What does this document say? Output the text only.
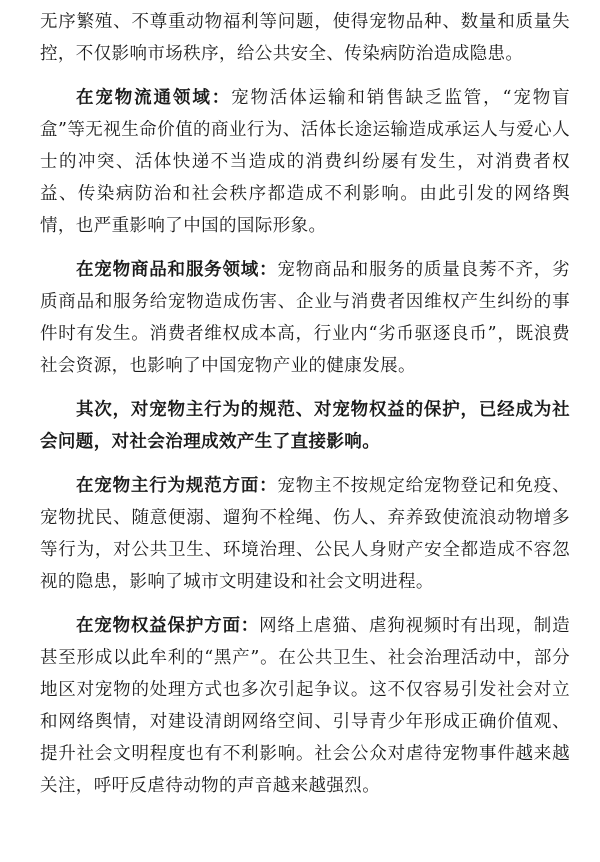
无序繁殖、不尊重动物福利等问题，使得宠物品种、数量和质量失控，不仅影响市场秩序，给公共安全、传染病防治造成隐患。

在宠物流通领域：宠物活体运输和销售缺乏监管，“宠物盲盒”等无视生命价值的商业行为、活体长途运输造成承运人与爱心人士的冲突、活体快递不当造成的消费纠纷屡有发生，对消费者权益、传染病防治和社会秩序都造成不利影响。由此引发的网络舆情，也严重影响了中国的国际形象。

在宠物商品和服务领域：宠物商品和服务的质量良莠不齐，劣质商品和服务给宠物造成伤害、企业与消费者因维权产生纠纷的事件时有发生。消费者维权成本高，行业内“劣币驱逐良币”，既浪费社会资源，也影响了中国宠物产业的健康发展。

其次，对宠物主行为的规范、对宠物权益的保护，已经成为社会问题，对社会治理成效产生了直接影响。

在宠物主行为规范方面：宠物主不按规定给宠物登记和免疫、宠物扰民、随意便溺、遛狗不栓绳、伤人、弃养致使流浪动物增多等行为，对公共卫生、环境治理、公民人身财产安全都造成不容忽视的隐患，影响了城市文明建设和社会文明进程。

在宠物权益保护方面：网络上虐猫、虐狗视频时有出现，制造甚至形成以此牟利的“黑产”。在公共卫生、社会治理活动中，部分地区对宠物的处理方式也多次引起争议。这不仅容易引发社会对立和网络舆情，对建设清朗网络空间、引导青少年形成正确价值观、提升社会文明程度也有不利影响。社会公众对虐待宠物事件越来越关注，呼吁反虐待动物的声音越来越强烈。
